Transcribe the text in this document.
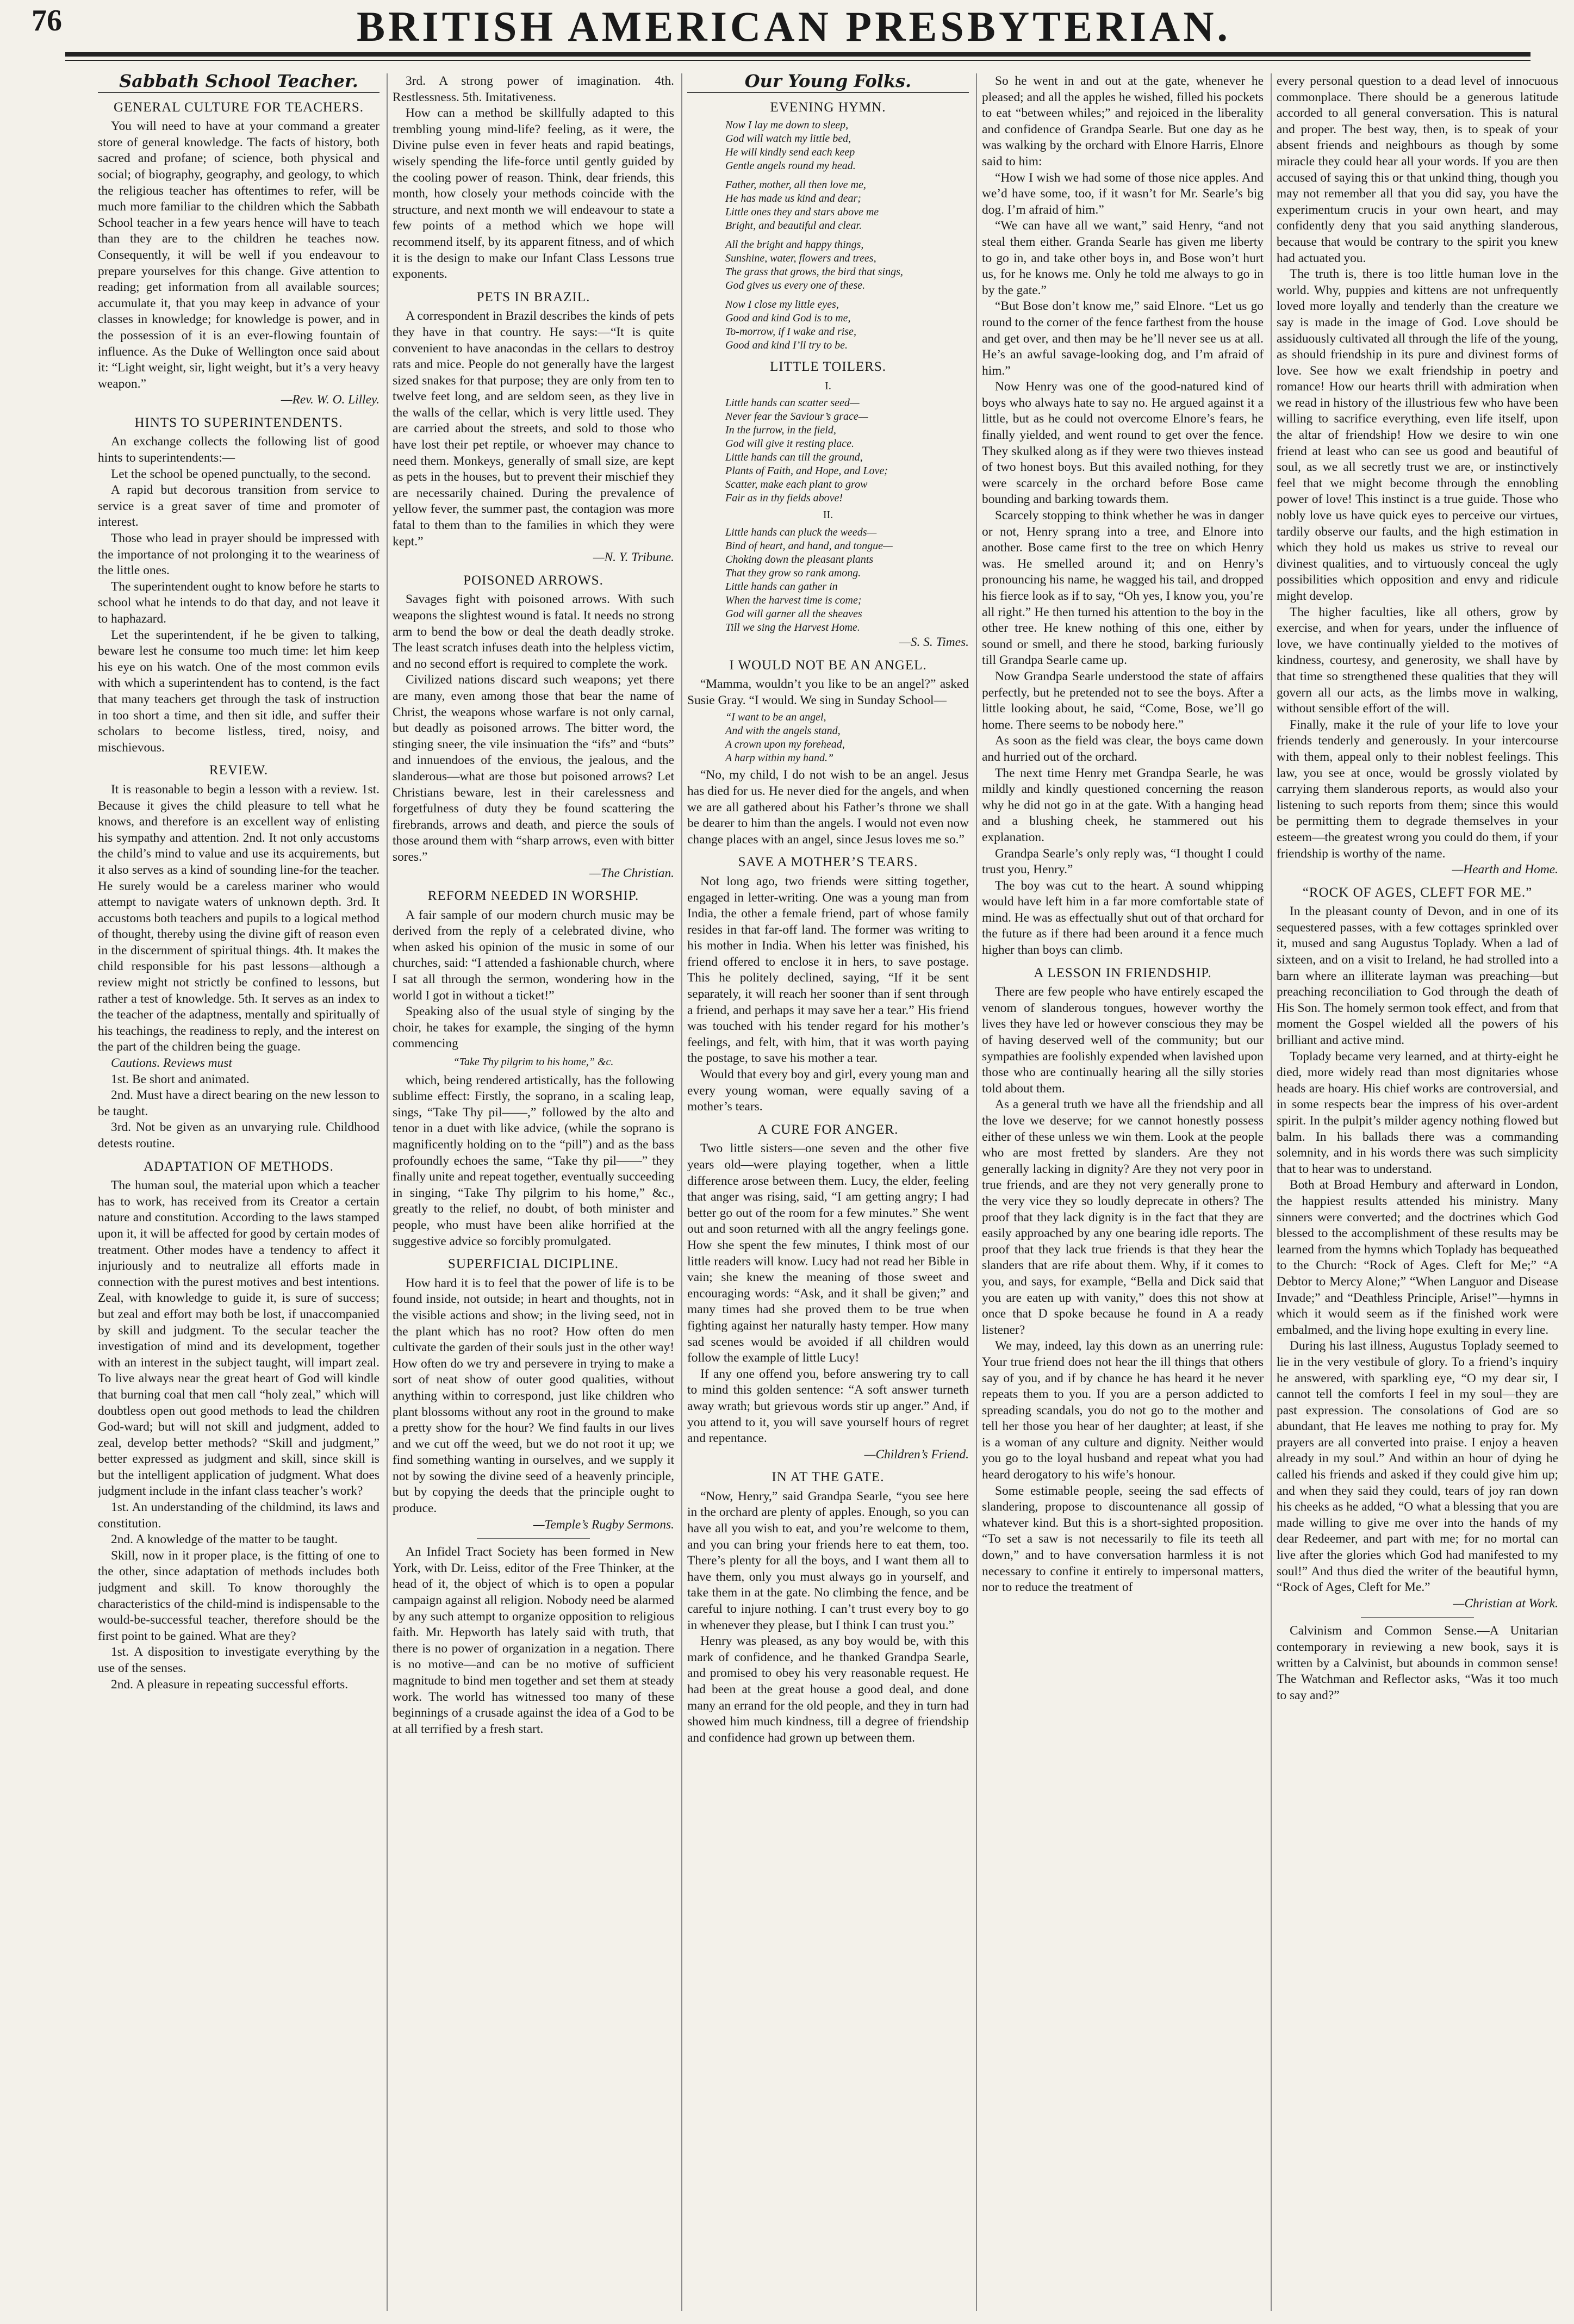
76	BRITISH AMERICAN PRESBYTERIAN.
Sabbath School Teacher.
GENERAL CULTURE FOR TEACHERS.

You will need to have at your command a greater store of general knowledge. The facts of history, both sacred and profane; of science, both physical and social; of biography, geography, and geology, to which the religious teacher has oftentimes to refer, will be much more familiar to the children which the Sabbath School teacher in a few years hence will have to teach than they are to the children he teaches now. Consequently, it will be well if you endeavour to prepare yourselves for this change. Give attention to reading; get information from all available sources; accumulate it, that you may keep in advance of your classes in knowledge; for knowledge is power, and in the possession of it is an ever-flowing fountain of influence. As the Duke of Wellington once said about it: “Light weight, sir, light weight, but it’s a very heavy weapon.”

—Rev. W. O. Lilley.
HINTS TO SUPERINTENDENTS.

An exchange collects the following list of good hints to superintendents:—

Let the school be opened punctually, to the second.

A rapid but decorous transition from service to service is a great saver of time and promoter of interest.

Those who lead in prayer should be impressed with the importance of not prolonging it to the weariness of the little ones.

The superintendent ought to know before he starts to school what he intends to do that day, and not leave it to haphazard.

Let the superintendent, if he be given to talking, beware lest he consume too much time: let him keep his eye on his watch. One of the most common evils with which a superintendent has to contend, is the fact that many teachers get through the task of instruction in too short a time, and then sit idle, and suffer their scholars to become listless, tired, noisy, and mischievous.

REVIEW.

It is reasonable to begin a lesson with a review. 1st. Because it gives the child pleasure to tell what he knows, and therefore is an excellent way of enlisting his sympathy and attention. 2nd. It not only accustoms the child’s mind to value and use its acquirements, but it also serves as a kind of sounding line-for the teacher. He surely would be a careless mariner who would attempt to navigate waters of unknown depth. 3rd. It accustoms both teachers and pupils to a logical method of thought, thereby using the divine gift of reason even in the discernment of spiritual things. 4th. It makes the child responsible for his past lessons—although a review might not strictly be confined to lessons, but rather a test of knowledge. 5th. It serves as an index to the teacher of the adaptness, mentally and spiritually of his teachings, the readiness to reply, and the interest on the part of the children being the guage.

Cautions. Reviews must

1st. Be short and animated.

2nd. Must have a direct bearing on the new lesson to be taught.

3rd. Not be given as an unvarying rule. Childhood detests routine.

ADAPTATION OF METHODS.

The human soul, the material upon which a teacher has to work, has received from its Creator a certain nature and constitution. According to the laws stamped upon it, it will be affected for good by certain modes of treatment. Other modes have a tendency to affect it injuriously and to neutralize all efforts made in connection with the purest motives and best intentions. Zeal, with knowledge to guide it, is sure of success; but zeal and effort may both be lost, if unaccompanied by skill and judgment. To the secular teacher the investigation of mind and its development, together with an interest in the subject taught, will impart zeal. To live always near the great heart of God will kindle that burning coal that men call “holy zeal,” which will doubtless open out good methods to lead the children God-ward; but will not skill and judgment, added to zeal, develop better methods? “Skill and judgment,” better expressed as judgment and skill, since skill is but the intelligent application of judgment. What does judgment include in the infant class teacher’s work?

1st. An understanding of the childmind, its laws and constitution.

2nd. A knowledge of the matter to be taught.

Skill, now in it proper place, is the fitting of one to the other, since adaptation of methods includes both judgment and skill. To know thoroughly the characteristics of the child-mind is indispensable to the would-be-successful teacher, therefore should be the first point to be gained. What are they?

1st. A disposition to investigate everything by the use of the senses.

2nd. A pleasure in repeating successful efforts.

3rd. A strong power of imagination. 4th. Restlessness. 5th. Imitativeness.

How can a method be skillfully adapted to this trembling young mind-life? feeling, as it were, the Divine pulse even in fever heats and rapid beatings, wisely spending the life-force until gently guided by the cooling power of reason. Think, dear friends, this month, how closely your methods coincide with the structure, and next month we will endeavour to state a few points of a method which we hope will recommend itself, by its apparent fitness, and of which it is the design to make our Infant Class Lessons true exponents.

PETS IN BRAZIL.

A correspondent in Brazil describes the kinds of pets they have in that country. He says:—“It is quite convenient to have anacondas in the cellars to destroy rats and mice. People do not generally have the largest sized snakes for that purpose; they are only from ten to twelve feet long, and are seldom seen, as they live in the walls of the cellar, which is very little used. They are carried about the streets, and sold to those who have lost their pet reptile, or whoever may chance to need them. Monkeys, generally of small size, are kept as pets in the houses, but to prevent their mischief they are necessarily chained. During the prevalence of yellow fever, the summer past, the contagion was more fatal to them than to the families in which they were kept.”

—N. Y. Tribune.
POISONED ARROWS.

Savages fight with poisoned arrows. With such weapons the slightest wound is fatal. It needs no strong arm to bend the bow or deal the death deadly stroke. The least scratch infuses death into the helpless victim, and no second effort is required to complete the work.

Civilized nations discard such weapons; yet there are many, even among those that bear the name of Christ, the weapons whose warfare is not only carnal, but deadly as poisoned arrows. The bitter word, the stinging sneer, the vile insinuation the “ifs” and “buts” and innuendoes of the envious, the jealous, and the slanderous—what are those but poisoned arrows? Let Christians beware, lest in their carelessness and forgetfulness of duty they be found scattering the firebrands, arrows and death, and pierce the souls of those around them with “sharp arrows, even with bitter sores.”

—The Christian.
REFORM NEEDED IN WORSHIP.

A fair sample of our modern church music may be derived from the reply of a celebrated divine, who when asked his opinion of the music in some of our churches, said: “I attended a fashionable church, where I sat all through the sermon, wondering how in the world I got in without a ticket!”

Speaking also of the usual style of singing by the choir, he takes for example, the singing of the hymn commencing

“Take Thy pilgrim to his home,” &c.

which, being rendered artistically, has the following sublime effect: Firstly, the soprano, in a scaling leap, sings, “Take Thy pil——,” followed by the alto and tenor in a duet with like advice, (while the soprano is magnificently holding on to the “pill”) and as the bass profoundly echoes the same, “Take thy pil——” they finally unite and repeat together, eventually succeeding in singing, “Take Thy pilgrim to his home,” &c., greatly to the relief, no doubt, of both minister and people, who must have been alike horrified at the suggestive advice so forcibly promulgated.

SUPERFICIAL DICIPLINE.

How hard it is to feel that the power of life is to be found inside, not outside; in heart and thoughts, not in the visible actions and show; in the living seed, not in the plant which has no root? How often do men cultivate the garden of their souls just in the other way! How often do we try and persevere in trying to make a sort of neat show of outer good qualities, without anything within to correspond, just like children who plant blossoms without any root in the ground to make a pretty show for the hour? We find faults in our lives and we cut off the weed, but we do not root it up; we find something wanting in ourselves, and we supply it not by sowing the divine seed of a heavenly principle, but by copying the deeds that the principle ought to produce.

—Temple’s Rugby Sermons.

An Infidel Tract Society has been formed in New York, with Dr. Leiss, editor of the Free Thinker, at the head of it, the object of which is to open a popular campaign against all religion. Nobody need be alarmed by any such attempt to organize opposition to religious faith. Mr. Hepworth has lately said with truth, that there is no power of organization in a negation. There is no motive—and can be no motive of sufficient magnitude to bind men together and set them at steady work. The world has witnessed too many of these beginnings of a crusade against the idea of a God to be at all terrified by a fresh start.

Our Young Folks.
EVENING HYMN.
Now I lay me down to sleep,
God will watch my little bed,
He will kindly send each keep
Gentle angels round my head.
Father, mother, all then love me,
He has made us kind and dear;
Little ones they and stars above me
Bright, and beautiful and clear.
All the bright and happy things,
Sunshine, water, flowers and trees,
The grass that grows, the bird that sings,
God gives us every one of these.
Now I close my little eyes,
Good and kind God is to me,
To-morrow, if I wake and rise,
Good and kind I’ll try to be.
LITTLE TOILERS.
I.
Little hands can scatter seed—
Never fear the Saviour’s grace—
In the furrow, in the field,
God will give it resting place.
Little hands can till the ground,
Plants of Faith, and Hope, and Love;
Scatter, make each plant to grow
Fair as in thy fields above!
II.
Little hands can pluck the weeds—
Bind of heart, and hand, and tongue—
Choking down the pleasant plants
That they grow so rank among.
Little hands can gather in
When the harvest time is come;
God will garner all the sheaves
Till we sing the Harvest Home.
—S. S. Times.
I WOULD NOT BE AN ANGEL.

“Mamma, wouldn’t you like to be an angel?” asked Susie Gray. “I would. We sing in Sunday School—

“I want to be an angel,
And with the angels stand,
A crown upon my forehead,
A harp within my hand.”

“No, my child, I do not wish to be an angel. Jesus has died for us. He never died for the angels, and when we are all gathered about his Father’s throne we shall be dearer to him than the angels. I would not even now change places with an angel, since Jesus loves me so.”

SAVE A MOTHER’S TEARS.

Not long ago, two friends were sitting together, engaged in letter-writing. One was a young man from India, the other a female friend, part of whose family resides in that far-off land. The former was writing to his mother in India. When his letter was finished, his friend offered to enclose it in hers, to save postage. This he politely declined, saying, “If it be sent separately, it will reach her sooner than if sent through a friend, and perhaps it may save her a tear.” His friend was touched with his tender regard for his mother’s feelings, and felt, with him, that it was worth paying the postage, to save his mother a tear.

Would that every boy and girl, every young man and every young woman, were equally saving of a mother’s tears.

A CURE FOR ANGER.

Two little sisters—one seven and the other five years old—were playing together, when a little difference arose between them. Lucy, the elder, feeling that anger was rising, said, “I am getting angry; I had better go out of the room for a few minutes.” She went out and soon returned with all the angry feelings gone. How she spent the few minutes, I think most of our little readers will know. Lucy had not read her Bible in vain; she knew the meaning of those sweet and encouraging words: “Ask, and it shall be given;” and many times had she proved them to be true when fighting against her naturally hasty temper. How many sad scenes would be avoided if all children would follow the example of little Lucy!

If any one offend you, before answering try to call to mind this golden sentence: “A soft answer turneth away wrath; but grievous words stir up anger.” And, if you attend to it, you will save yourself hours of regret and repentance.

—Children’s Friend.
IN AT THE GATE.

“Now, Henry,” said Grandpa Searle, “you see here in the orchard are plenty of apples. Enough, so you can have all you wish to eat, and you’re welcome to them, and you can bring your friends here to eat them, too. There’s plenty for all the boys, and I want them all to have them, only you must always go in yourself, and take them in at the gate. No climbing the fence, and be careful to injure nothing. I can’t trust every boy to go in whenever they please, but I think I can trust you.”

Henry was pleased, as any boy would be, with this mark of confidence, and he thanked Grandpa Searle, and promised to obey his very reasonable request. He had been at the great house a good deal, and done many an errand for the old people, and they in turn had showed him much kindness, till a degree of friendship and confidence had grown up between them.

So he went in and out at the gate, whenever he pleased; and all the apples he wished, filled his pockets to eat “between whiles;” and rejoiced in the liberality and confidence of Grandpa Searle. But one day as he was walking by the orchard with Elnore Harris, Elnore said to him:

“How I wish we had some of those nice apples. And we’d have some, too, if it wasn’t for Mr. Searle’s big dog. I’m afraid of him.”

“We can have all we want,” said Henry, “and not steal them either. Granda Searle has given me liberty to go in, and take other boys in, and Bose won’t hurt us, for he knows me. Only he told me always to go in by the gate.”

“But Bose don’t know me,” said Elnore. “Let us go round to the corner of the fence farthest from the house and get over, and then may be he’ll never see us at all. He’s an awful savage-looking dog, and I’m afraid of him.”

Now Henry was one of the good-natured kind of boys who always hate to say no. He argued against it a little, but as he could not overcome Elnore’s fears, he finally yielded, and went round to get over the fence. They skulked along as if they were two thieves instead of two honest boys. But this availed nothing, for they were scarcely in the orchard before Bose came bounding and barking towards them.

Scarcely stopping to think whether he was in danger or not, Henry sprang into a tree, and Elnore into another. Bose came first to the tree on which Henry was. He smelled around it; and on Henry’s pronouncing his name, he wagged his tail, and dropped his fierce look as if to say, “Oh yes, I know you, you’re all right.” He then turned his attention to the boy in the other tree. He knew nothing of this one, either by sound or smell, and there he stood, barking furiously till Grandpa Searle came up.

Now Grandpa Searle understood the state of affairs perfectly, but he pretended not to see the boys. After a little looking about, he said, “Come, Bose, we’ll go home. There seems to be nobody here.”

As soon as the field was clear, the boys came down and hurried out of the orchard.

The next time Henry met Grandpa Searle, he was mildly and kindly questioned concerning the reason why he did not go in at the gate. With a hanging head and a blushing cheek, he stammered out his explanation.

Grandpa Searle’s only reply was, “I thought I could trust you, Henry.”

The boy was cut to the heart. A sound whipping would have left him in a far more comfortable state of mind. He was as effectually shut out of that orchard for the future as if there had been around it a fence much higher than boys can climb.

A LESSON IN FRIENDSHIP.

There are few people who have entirely escaped the venom of slanderous tongues, however worthy the lives they have led or however conscious they may be of having deserved well of the community; but our sympathies are foolishly expended when lavished upon those who are continually hearing all the silly stories told about them.

As a general truth we have all the friendship and all the love we deserve; for we cannot honestly possess either of these unless we win them. Look at the people who are most fretted by slanders. Are they not generally lacking in dignity? Are they not very poor in true friends, and are they not very generally prone to the very vice they so loudly deprecate in others? The proof that they lack dignity is in the fact that they are easily approached by any one bearing idle reports. The proof that they lack true friends is that they hear the slanders that are rife about them. Why, if it comes to you, and says, for example, “Bella and Dick said that you are eaten up with vanity,” does this not show at once that D spoke because he found in A a ready listener?

We may, indeed, lay this down as an unerring rule: Your true friend does not hear the ill things that others say of you, and if by chance he has heard it he never repeats them to you. If you are a person addicted to spreading scandals, you do not go to the mother and tell her those you hear of her daughter; at least, if she is a woman of any culture and dignity. Neither would you go to the loyal husband and repeat what you had heard derogatory to his wife’s honour.

Some estimable people, seeing the sad effects of slandering, propose to discountenance all gossip of whatever kind. But this is a short-sighted proposition. “To set a saw is not necessarily to file its teeth all down,” and to have conversation harmless it is not necessary to confine it entirely to impersonal matters, nor to reduce the treatment of

every personal question to a dead level of innocuous commonplace. There should be a generous latitude accorded to all general conversation. This is natural and proper. The best way, then, is to speak of your absent friends and neighbours as though by some miracle they could hear all your words. If you are then accused of saying this or that unkind thing, though you may not remember all that you did say, you have the experimentum crucis in your own heart, and may confidently deny that you said anything slanderous, because that would be contrary to the spirit you knew had actuated you.

The truth is, there is too little human love in the world. Why, puppies and kittens are not unfrequently loved more loyally and tenderly than the creature we say is made in the image of God. Love should be assiduously cultivated all through the life of the young, as should friendship in its pure and divinest forms of love. See how we exalt friendship in poetry and romance! How our hearts thrill with admiration when we read in history of the illustrious few who have been willing to sacrifice everything, even life itself, upon the altar of friendship! How we desire to win one friend at least who can see us good and beautiful of soul, as we all secretly trust we are, or instinctively feel that we might become through the ennobling power of love! This instinct is a true guide. Those who nobly love us have quick eyes to perceive our virtues, tardily observe our faults, and the high estimation in which they hold us makes us strive to reveal our divinest qualities, and to virtuously conceal the ugly possibilities which opposition and envy and ridicule might develop.

The higher faculties, like all others, grow by exercise, and when for years, under the influence of love, we have continually yielded to the motives of kindness, courtesy, and generosity, we shall have by that time so strengthened these qualities that they will govern all our acts, as the limbs move in walking, without sensible effort of the will.

Finally, make it the rule of your life to love your friends tenderly and generously. In your intercourse with them, appeal only to their noblest feelings. This law, you see at once, would be grossly violated by carrying them slanderous reports, as would also your listening to such reports from them; since this would be permitting them to degrade themselves in your esteem—the greatest wrong you could do them, if your friendship is worthy of the name.

—Hearth and Home.
“ROCK OF AGES, CLEFT FOR ME.”

In the pleasant county of Devon, and in one of its sequestered passes, with a few cottages sprinkled over it, mused and sang Augustus Toplady. When a lad of sixteen, and on a visit to Ireland, he had strolled into a barn where an illiterate layman was preaching—but preaching reconciliation to God through the death of His Son. The homely sermon took effect, and from that moment the Gospel wielded all the powers of his brilliant and active mind.

Toplady became very learned, and at thirty-eight he died, more widely read than most dignitaries whose heads are hoary. His chief works are controversial, and in some respects bear the impress of his over-ardent spirit. In the pulpit’s milder agency nothing flowed but balm. In his ballads there was a commanding solemnity, and in his words there was such simplicity that to hear was to understand.

Both at Broad Hembury and afterward in London, the happiest results attended his ministry. Many sinners were converted; and the doctrines which God blessed to the accomplishment of these results may be learned from the hymns which Toplady has bequeathed to the Church: “Rock of Ages. Cleft for Me;” “A Debtor to Mercy Alone;” “When Languor and Disease Invade;” and “Deathless Principle, Arise!”—hymns in which it would seem as if the finished work were embalmed, and the living hope exulting in every line.

During his last illness, Augustus Toplady seemed to lie in the very vestibule of glory. To a friend’s inquiry he answered, with sparkling eye, “O my dear sir, I cannot tell the comforts I feel in my soul—they are past expression. The consolations of God are so abundant, that He leaves me nothing to pray for. My prayers are all converted into praise. I enjoy a heaven already in my soul.” And within an hour of dying he called his friends and asked if they could give him up; and when they said they could, tears of joy ran down his cheeks as he added, “O what a blessing that you are made willing to give me over into the hands of my dear Redeemer, and part with me; for no mortal can live after the glories which God had manifested to my soul!” And thus died the writer of the beautiful hymn, “Rock of Ages, Cleft for Me.”

—Christian at Work.

Calvinism and Common Sense.—A Unitarian contemporary in reviewing a new book, says it is written by a Calvinist, but abounds in common sense! The Watchman and Reflector asks, “Was it too much to say and?”
